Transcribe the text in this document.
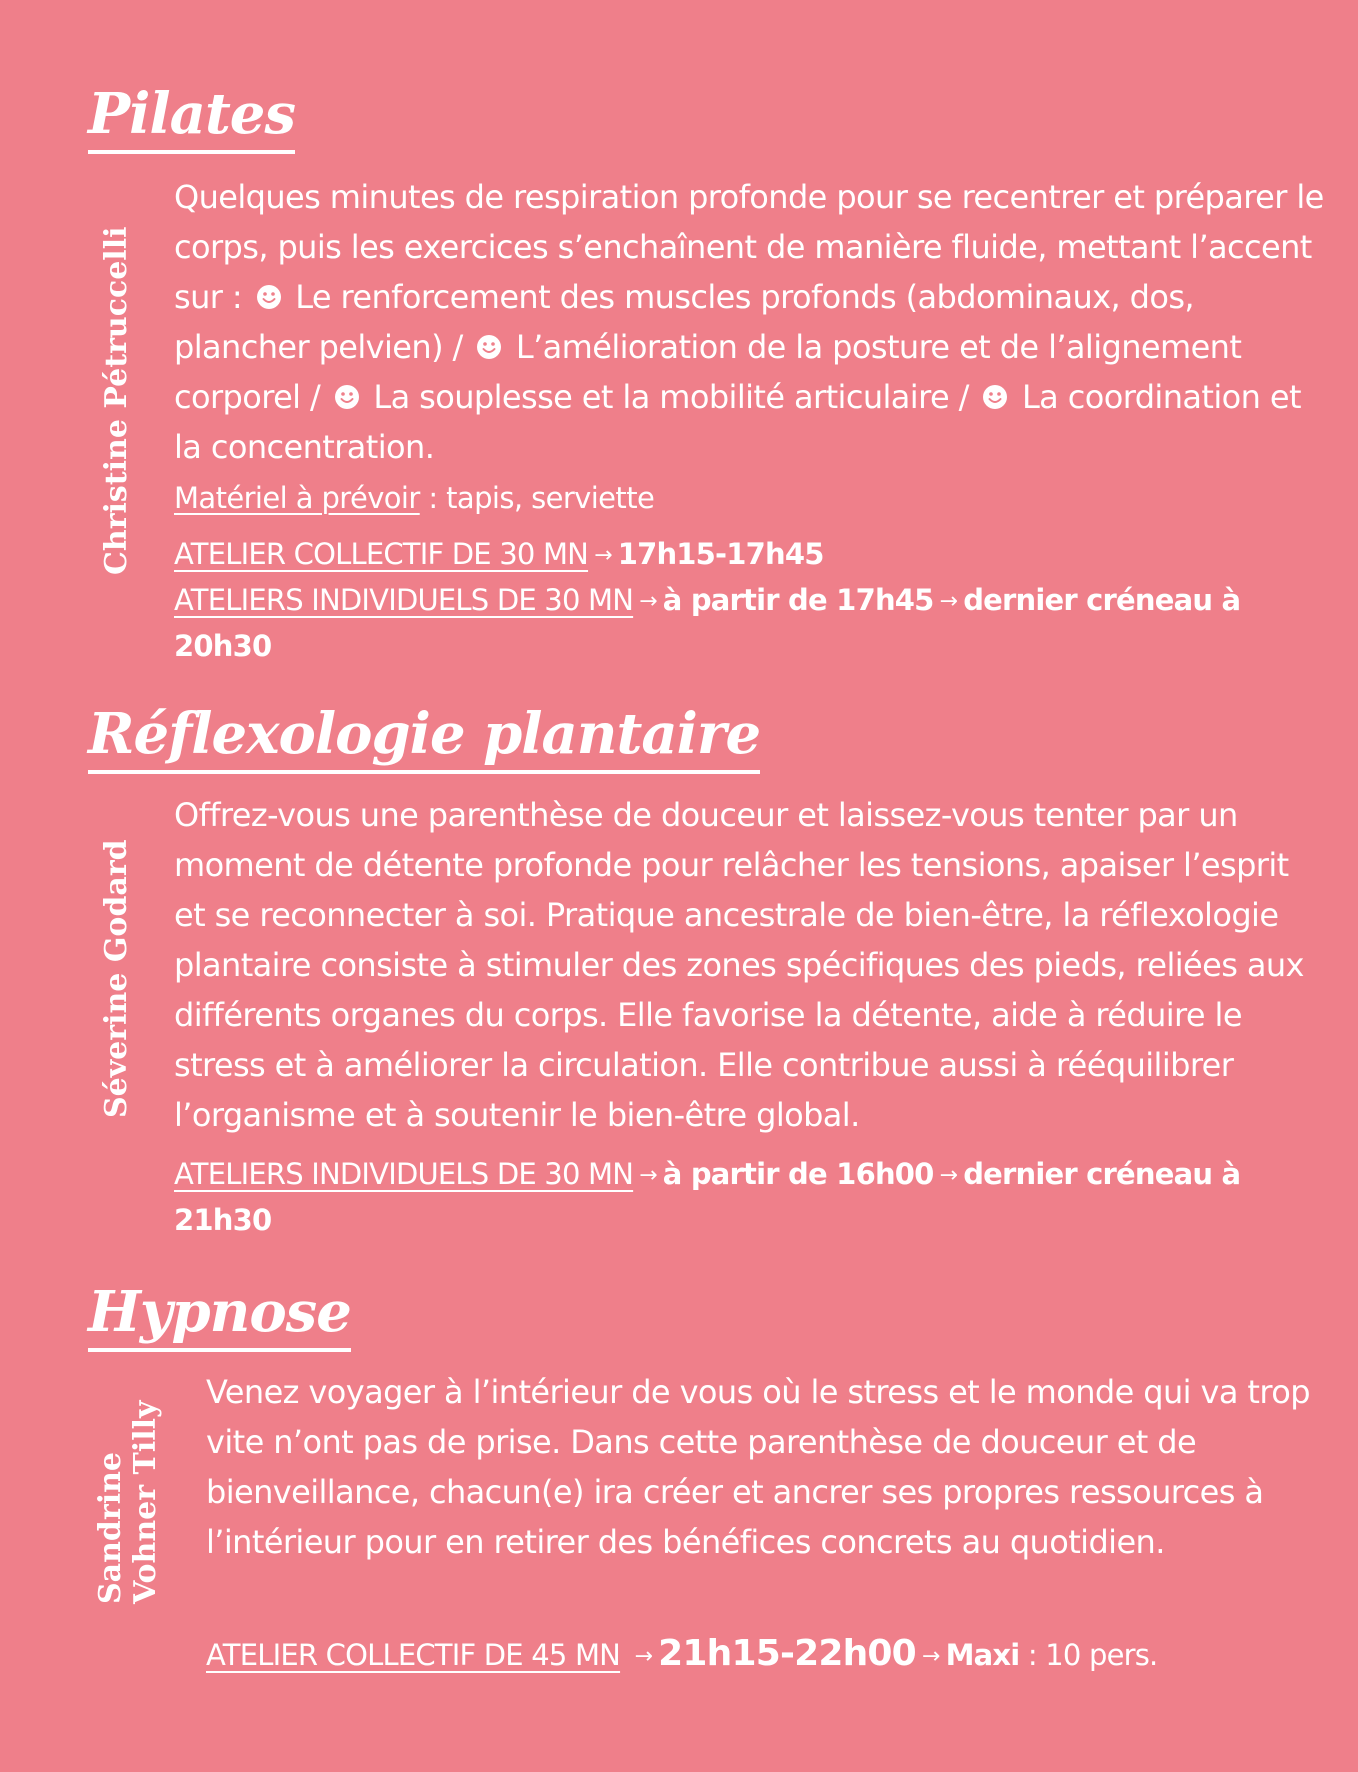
Pilates
Christine Pétruccelli

Quelques minutes de respiration profonde pour se recentrer et préparer le corps, puis les exercices s’enchaînent de manière fluide, mettant l’accent sur : Le renforcement des muscles profonds (abdominaux, dos, plancher pelvien) / L’amélioration de la posture et de l’alignement corporel / La souplesse et la mobilité articulaire / La coordination et la concentration.

Matériel à prévoir : tapis, serviette

ATELIER COLLECTIF DE 30 MN → 17h15-17h45
ATELIERS INDIVIDUELS DE 30 MN → à partir de 17h45 → dernier créneau à 20h30
Réflexologie plantaire
Séverine Godard

Offrez-vous une parenthèse de douceur et laissez-vous tenter par un moment de détente profonde pour relâcher les tensions, apaiser l’esprit et se reconnecter à soi. Pratique ancestrale de bien-être, la réflexologie plantaire consiste à stimuler des zones spécifiques des pieds, reliées aux différents organes du corps. Elle favorise la détente, aide à réduire le stress et à améliorer la circulation. Elle contribue aussi à rééquilibrer l’organisme et à soutenir le bien-être global.

ATELIERS INDIVIDUELS DE 30 MN → à partir de 16h00 → dernier créneau à 21h30
Hypnose
Sandrine Vohner Tilly

Venez voyager à l’intérieur de vous où le stress et le monde qui va trop vite n’ont pas de prise. Dans cette parenthèse de douceur et de bienveillance, chacun(e) ira créer et ancrer ses propres ressources à l’intérieur pour en retirer des bénéfices concrets au quotidien.

ATELIER COLLECTIF DE 45 MN → 21h15-22h00 → Maxi : 10 pers.
